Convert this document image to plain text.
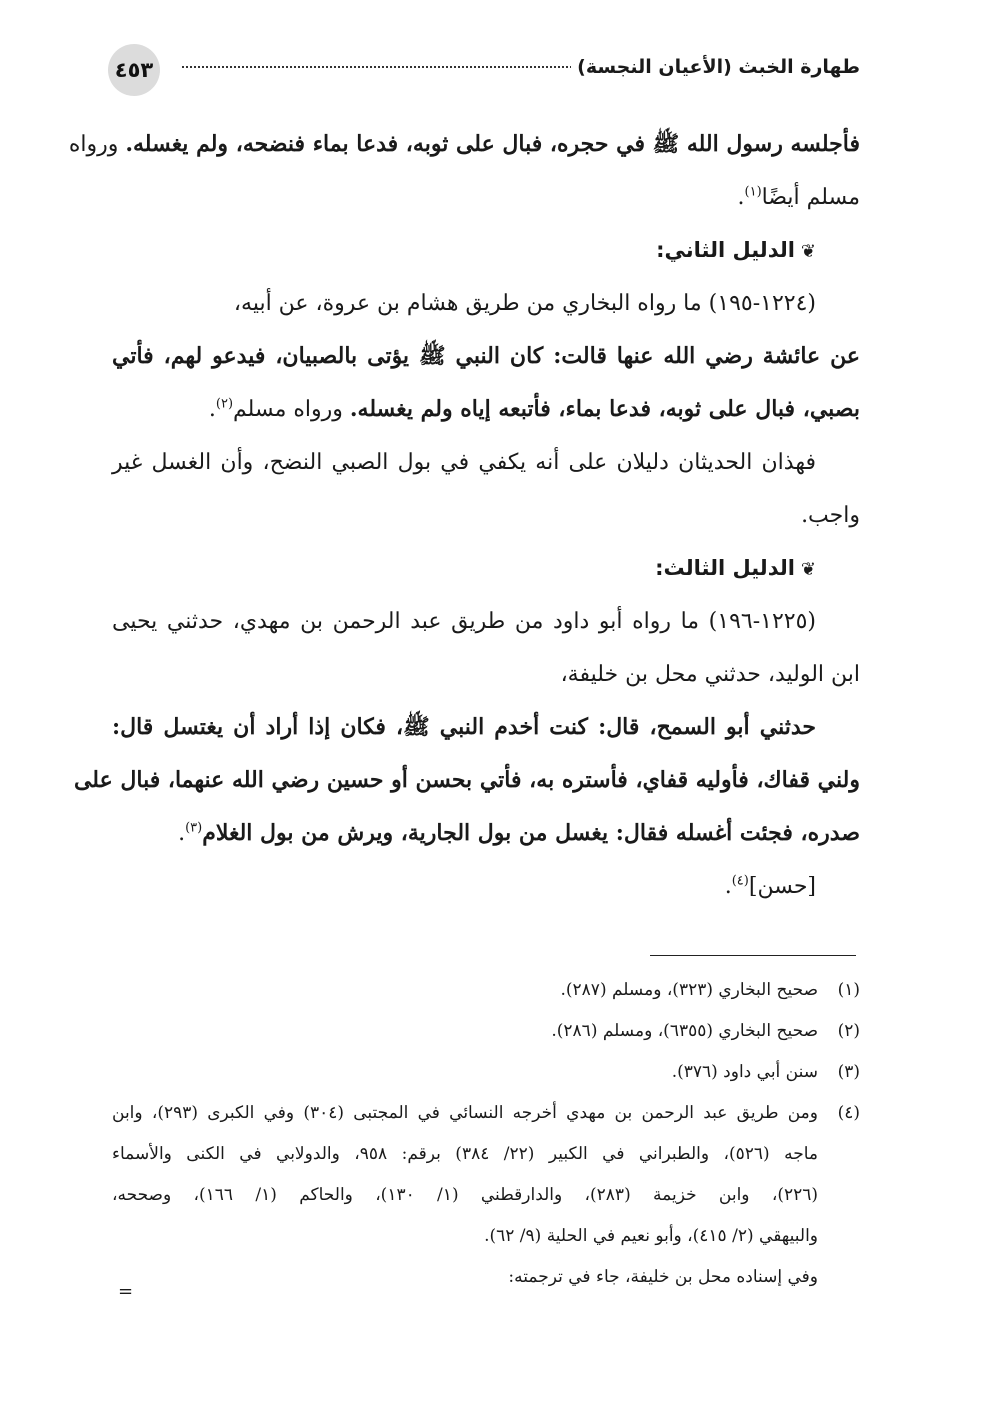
٤٥٣	طهارة الخبث (الأعيان النجسة)
فأجلسه رسول الله ﷺ في حجره، فبال على ثوبه، فدعا بماء فنضحه، ولم يغسله. ورواه
مسلم أيضًا$^{(١)}$.
❦الدليل الثاني:
(١٢٢٤-١٩٥) ما رواه البخاري من طريق هشام بن عروة، عن أبيه،
عن عائشة رضي الله عنها قالت: كان النبي ﷺ يؤتى بالصبيان، فيدعو لهم، فأتي
بصبي، فبال على ثوبه، فدعا بماء، فأتبعه إياه ولم يغسله. ورواه مسلم$^{(٢)}$.
فهذان الحديثان دليلان على أنه يكفي في بول الصبي النضح، وأن الغسل غير
واجب.
❦الدليل الثالث:
(١٢٢٥-١٩٦) ما رواه أبو داود من طريق عبد الرحمن بن مهدي، حدثني يحيى
ابن الوليد، حدثني محل بن خليفة،
حدثني أبو السمح، قال: كنت أخدم النبي ﷺ، فكان إذا أراد أن يغتسل قال:
ولني قفاك، فأوليه قفاي، فأستره به، فأتي بحسن أو حسين رضي الله عنهما، فبال على
صدره، فجئت أغسله فقال: يغسل من بول الجارية، ويرش من بول الغلام$^{(٣)}$.
[حسن]$^{(٤)}$.
(١)
صحيح البخاري (٣٢٣)، ومسلم (٢٨٧).
(٢)
صحيح البخاري (٦٣٥٥)، ومسلم (٢٨٦).
(٣)
سنن أبي داود (٣٧٦).
(٤)
ومن طريق عبد الرحمن بن مهدي أخرجه النسائي في المجتبى (٣٠٤) وفي الكبرى (٢٩٣)، وابن
ماجه (٥٢٦)، والطبراني في الكبير (٢٢/ ٣٨٤) برقم: ٩٥٨، والدولابي في الكنى والأسماء
(٢٢٦)، وابن خزيمة (٢٨٣)، والدارقطني (١/ ١٣٠)، والحاكم (١/ ١٦٦)، وصححه،
والبيهقي (٢/ ٤١٥)، وأبو نعيم في الحلية (٩/ ٦٢).
وفي إسناده محل بن خليفة، جاء في ترجمته:
=
